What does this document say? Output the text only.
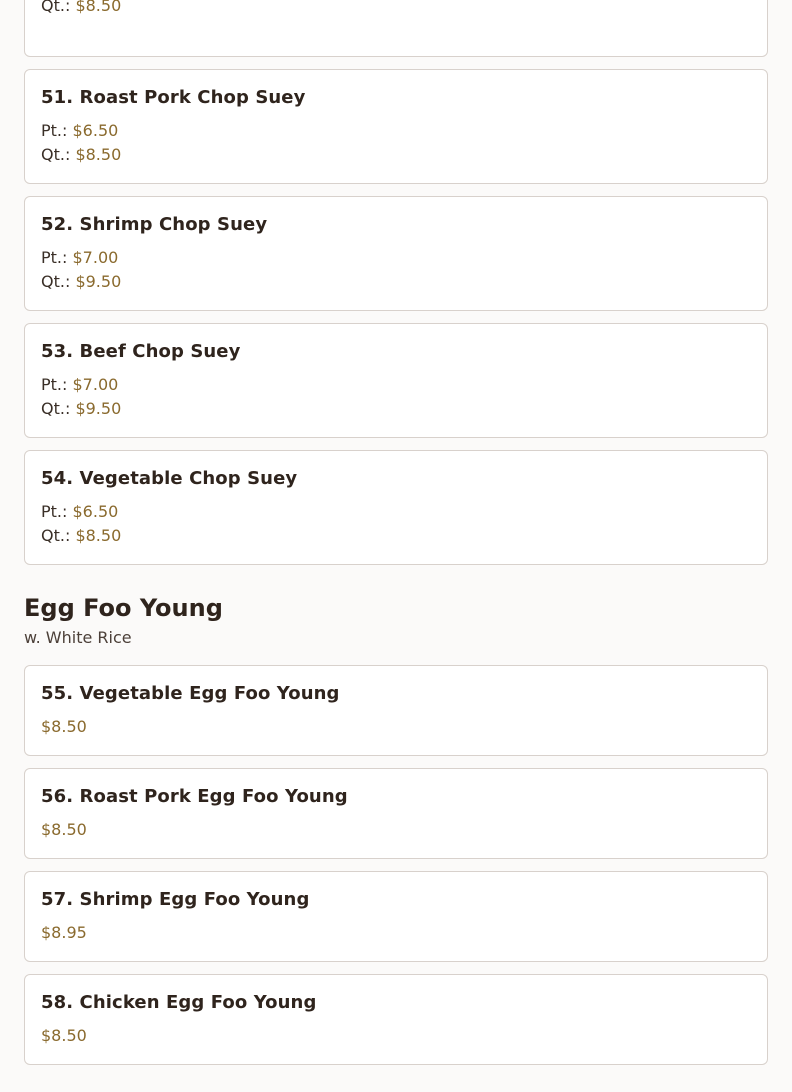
Qt.: $8.50
51. Roast Pork Chop Suey
Pt.: $6.50
Qt.: $8.50
52. Shrimp Chop Suey
Pt.: $7.00
Qt.: $9.50
53. Beef Chop Suey
Pt.: $7.00
Qt.: $9.50
54. Vegetable Chop Suey
Pt.: $6.50
Qt.: $8.50
Egg Foo Young
w. White Rice
55. Vegetable Egg Foo Young
$8.50
56. Roast Pork Egg Foo Young
$8.50
57. Shrimp Egg Foo Young
$8.95
58. Chicken Egg Foo Young
$8.50
